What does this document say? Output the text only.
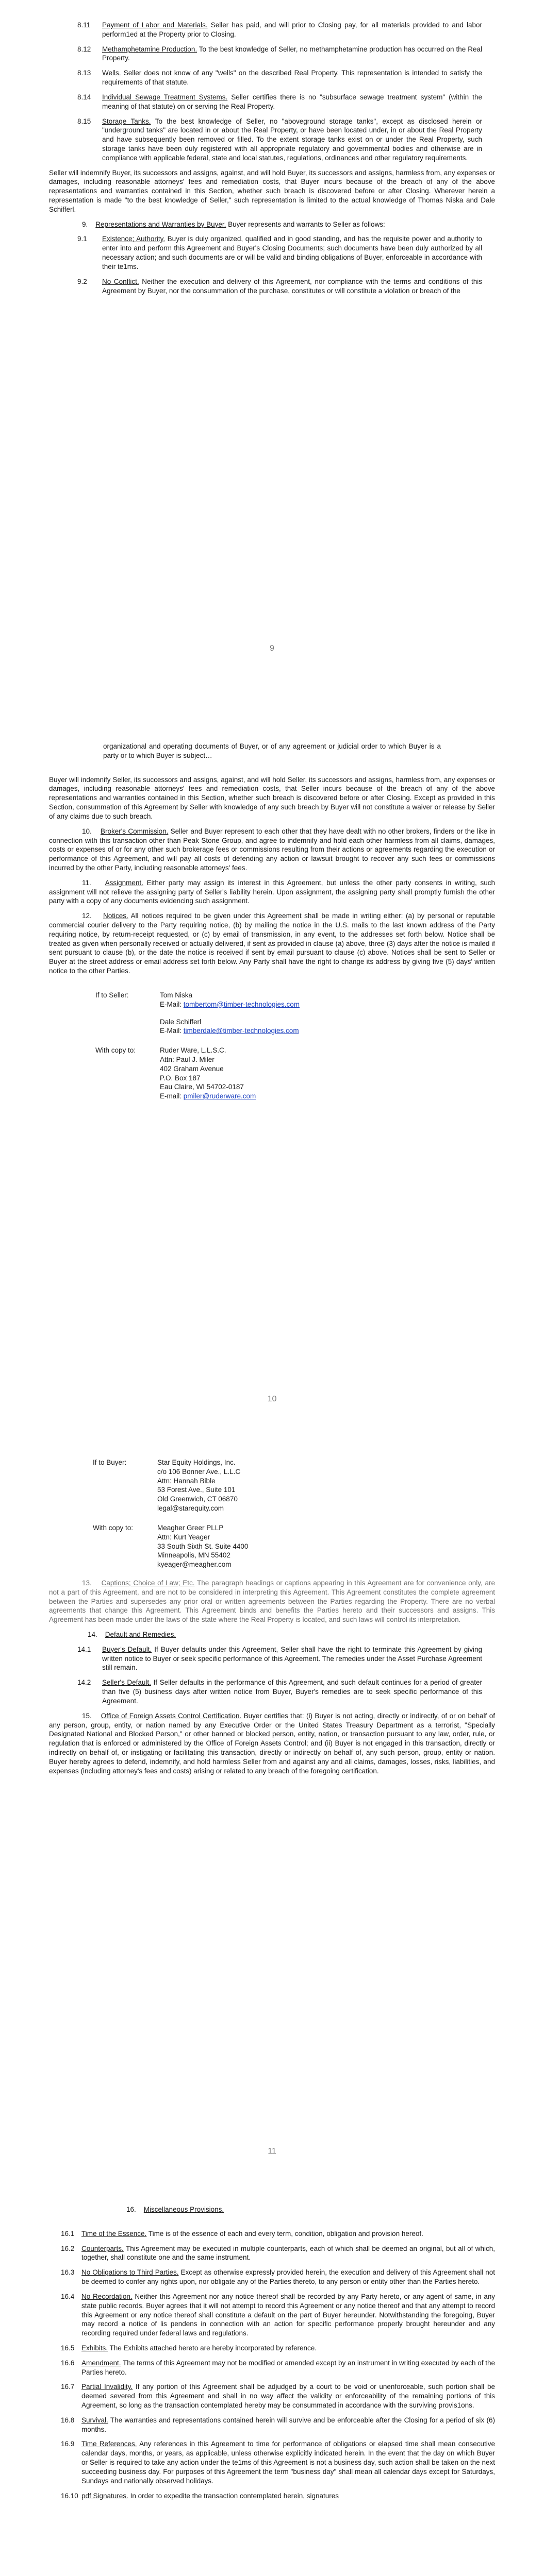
8.11	Payment of Labor and Materials. Seller has paid, and will prior to Closing pay, for all materials provided to and labor perform1ed at the Property prior to Closing.
8.12	Methamphetamine Production. To the best knowledge of Seller, no methamphetamine production has occurred on the Real Property.
8.13	Wells. Seller does not know of any "wells" on the described Real Property. This representation is intended to satisfy the requirements of that statute.
8.14	Individual Sewage Treatment Systems. Seller certifies there is no "subsurface sewage treatment system" (within the meaning of that statute) on or serving the Real Property.
8.15	Storage Tanks. To the best knowledge of Seller, no "aboveground storage tanks", except as disclosed herein or "underground tanks" are located in or about the Real Property, or have been located under, in or about the Real Property and have subsequently been removed or filled. To the extent storage tanks exist on or under the Real Property, such storage tanks have been duly registered with all appropriate regulatory and governmental bodies and otherwise are in compliance with applicable federal, state and local statutes, regulations, ordinances and other regulatory requirements.

Seller will indemnify Buyer, its successors and assigns, against, and will hold Buyer, its successors and assigns, harmless from, any expenses or damages, including reasonable attorneys' fees and remediation costs, that Buyer incurs because of the breach of any of the above representations and warranties contained in this Section, whether such breach is discovered before or after Closing. Wherever herein a representation is made "to the best knowledge of Seller," such representation is limited to the actual knowledge of Thomas Niska and Dale Schifferl.

9. Representations and Warranties by Buyer. Buyer represents and warrants to Seller as follows:

9.1	Existence; Authority. Buyer is duly organized, qualified and in good standing, and has the requisite power and authority to enter into and perform this Agreement and Buyer's Closing Documents; such documents have been duly authorized by all necessary action; and such documents are or will be valid and binding obligations of Buyer, enforceable in accordance with their te1ms.
9.2	No Conflict. Neither the execution and delivery of this Agreement, nor compliance with the terms and conditions of this Agreement by Buyer, nor the consummation of the purchase, constitutes or will constitute a violation or breach of the
9

organizational and operating documents of Buyer, or of any agreement or judicial order to which Buyer is a party or to which Buyer is subject…

Buyer will indemnify Seller, its successors and assigns, against, and will hold Seller, its successors and assigns, harmless from, any expenses or damages, including reasonable attorneys' fees and remediation costs, that Seller incurs because of the breach of any of the above representations and warranties contained in this Section, whether such breach is discovered before or after Closing. Except as provided in this Section, consummation of this Agreement by Seller with knowledge of any such breach by Buyer will not constitute a waiver or release by Seller of any claims due to such breach.

10. Broker's Commission. Seller and Buyer represent to each other that they have dealt with no other brokers, finders or the like in connection with this transaction other than Peak Stone Group, and agree to indemnify and hold each other harmless from all claims, damages, costs or expenses of or for any other such brokerage fees or commissions resulting from their actions or agreements regarding the execution or performance of this Agreement, and will pay all costs of defending any action or lawsuit brought to recover any such fees or commissions incurred by the other Party, including reasonable attorneys' fees.

11. Assignment. Either party may assign its interest in this Agreement, but unless the other party consents in writing, such assignment will not relieve the assigning party of Seller's liability herein. Upon assignment, the assigning party shall promptly furnish the other party with a copy of any documents evidencing such assignment.

12. Notices. All notices required to be given under this Agreement shall be made in writing either: (a) by personal or reputable commercial courier delivery to the Party requiring notice, (b) by mailing the notice in the U.S. mails to the last known address of the Party requiring notice, by return-receipt requested, or (c) by email of transmission, in any event, to the addresses set forth below. Notice shall be treated as given when personally received or actually delivered, if sent as provided in clause (a) above, three (3) days after the notice is mailed if sent pursuant to clause (b), or the date the notice is received if sent by email pursuant to clause (c) above. Notices shall be sent to Seller or Buyer at the street address or email address set forth below. Any Party shall have the right to change its address by giving five (5) days' written notice to the other Parties.

If to Seller:	Tom Niska
E-Mail: tombertom@timber-technologies.com
Dale Schifferl
E-Mail: timberdale@timber-technologies.com
With copy to:	Ruder Ware, L.L.S.C.
Attn: Paul J. Miler
402 Graham Avenue
P.O. Box 187
Eau Claire, WI 54702-0187
E-mail: pmiler@ruderware.com
10
If to Buyer:	Star Equity Holdings, Inc.
c/o 106 Bonner Ave., L.L.C
Attn: Hannah Bible
53 Forest Ave., Suite 101
Old Greenwich, CT 06870
legal@starequity.com
With copy to:	Meagher Greer PLLP
Attn: Kurt Yeager
33 South Sixth St. Suite 4400
Minneapolis, MN 55402
kyeager@meagher.com

13. Captions; Choice of Law; Etc. The paragraph headings or captions appearing in this Agreement are for convenience only, are not a part of this Agreement, and are not to be considered in interpreting this Agreement. This Agreement constitutes the complete agreement between the Parties and supersedes any prior oral or written agreements between the Parties regarding the Property. There are no verbal agreements that change this Agreement. This Agreement binds and benefits the Parties hereto and their successors and assigns. This Agreement has been made under the laws of the state where the Real Property is located, and such laws will control its interpretation.

14. Default and Remedies.

14.1	Buyer's Default. If Buyer defaults under this Agreement, Seller shall have the right to terminate this Agreement by giving written notice to Buyer or seek specific performance of this Agreement. The remedies under the Asset Purchase Agreement still remain.
14.2	Seller's Default. If Seller defaults in the performance of this Agreement, and such default continues for a period of greater than five (5) business days after written notice from Buyer, Buyer's remedies are to seek specific performance of this Agreement.

15. Office of Foreign Assets Control Certification. Buyer certifies that: (i) Buyer is not acting, directly or indirectly, of or on behalf of any person, group, entity, or nation named by any Executive Order or the United States Treasury Department as a terrorist, "Specially Designated National and Blocked Person," or other banned or blocked person, entity, nation, or transaction pursuant to any law, order, rule, or regulation that is enforced or administered by the Office of Foreign Assets Control; and (ii) Buyer is not engaged in this transaction, directly or indirectly on behalf of, or instigating or facilitating this transaction, directly or indirectly on behalf of, any such person, group, entity or nation. Buyer hereby agrees to defend, indemnify, and hold harmless Seller from and against any and all claims, damages, losses, risks, liabilities, and expenses (including attorney's fees and costs) arising or related to any breach of the foregoing certification.

11

16. Miscellaneous Provisions.

16.1	Time of the Essence. Time is of the essence of each and every term, condition, obligation and provision hereof.
16.2	Counterparts. This Agreement may be executed in multiple counterparts, each of which shall be deemed an original, but all of which, together, shall constitute one and the same instrument.
16.3	No Obligations to Third Parties. Except as otherwise expressly provided herein, the execution and delivery of this Agreement shall not be deemed to confer any rights upon, nor obligate any of the Parties thereto, to any person or entity other than the Parties hereto.
16.4	No Recordation. Neither this Agreement nor any notice thereof shall be recorded by any Party hereto, or any agent of same, in any state public records. Buyer agrees that it will not attempt to record this Agreement or any notice thereof and that any attempt to record this Agreement or any notice thereof shall constitute a default on the part of Buyer hereunder. Notwithstanding the foregoing, Buyer may record a notice of lis pendens in connection with an action for specific performance properly brought hereunder and any recording required under federal laws and regulations.
16.5	Exhibits. The Exhibits attached hereto are hereby incorporated by reference.
16.6	Amendment. The terms of this Agreement may not be modified or amended except by an instrument in writing executed by each of the Parties hereto.
16.7	Partial Invalidity. If any portion of this Agreement shall be adjudged by a court to be void or unenforceable, such portion shall be deemed severed from this Agreement and shall in no way affect the validity or enforceability of the remaining portions of this Agreement, so long as the transaction contemplated hereby may be consummated in accordance with the surviving provis1ons.
16.8	Survival. The warranties and representations contained herein will survive and be enforceable after the Closing for a period of six (6) months.
16.9	Time References. Any references in this Agreement to time for performance of obligations or elapsed time shall mean consecutive calendar days, months, or years, as applicable, unless otherwise explicitly indicated herein. In the event that the day on which Buyer or Seller is required to take any action under the te1ms of this Agreement is not a business day, such action shall be taken on the next succeeding business day. For purposes of this Agreement the term "business day" shall mean all calendar days except for Saturdays, Sundays and nationally observed holidays.
16.10 pdf Signatures. In order to expedite the transaction contemplated herein, signatures
